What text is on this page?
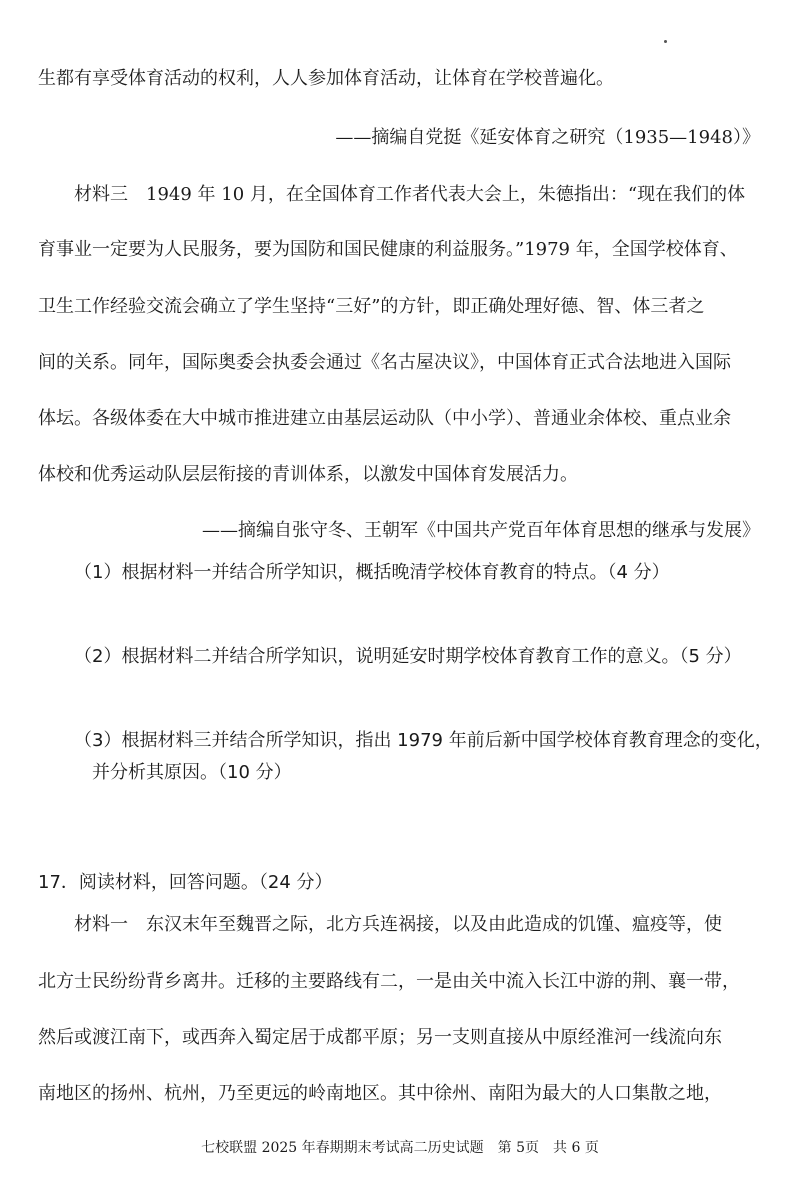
生都有享受体育活动的权利，人人参加体育活动，让体育在学校普遍化。
——摘编自党挺《延安体育之研究（1935—1948）》
材料三　1949 年 10 月，在全国体育工作者代表大会上，朱德指出：“现在我们的体
育事业一定要为人民服务，要为国防和国民健康的利益服务。”1979 年，全国学校体育、
卫生工作经验交流会确立了学生坚持“三好”的方针，即正确处理好德、智、体三者之
间的关系。同年，国际奥委会执委会通过《名古屋决议》，中国体育正式合法地进入国际
体坛。各级体委在大中城市推进建立由基层运动队（中小学）、普通业余体校、重点业余
体校和优秀运动队层层衔接的青训体系，以激发中国体育发展活力。
——摘编自张守冬、王朝军《中国共产党百年体育思想的继承与发展》
（1）根据材料一并结合所学知识，概括晚清学校体育教育的特点。（4 分）
（2）根据材料二并结合所学知识，说明延安时期学校体育教育工作的意义。（5 分）
（3）根据材料三并结合所学知识，指出 1979 年前后新中国学校体育教育理念的变化，
并分析其原因。（10 分）
17．阅读材料，回答问题。（24 分）
材料一　东汉末年至魏晋之际，北方兵连祸接，以及由此造成的饥馑、瘟疫等，使
北方士民纷纷背乡离井。迁移的主要路线有二，一是由关中流入长江中游的荆、襄一带，
然后或渡江南下，或西奔入蜀定居于成都平原；另一支则直接从中原经淮河一线流向东
南地区的扬州、杭州，乃至更远的岭南地区。其中徐州、南阳为最大的人口集散之地，
七校联盟 2025 年春期期末考试高二历史试题　第 5页　共 6 页
